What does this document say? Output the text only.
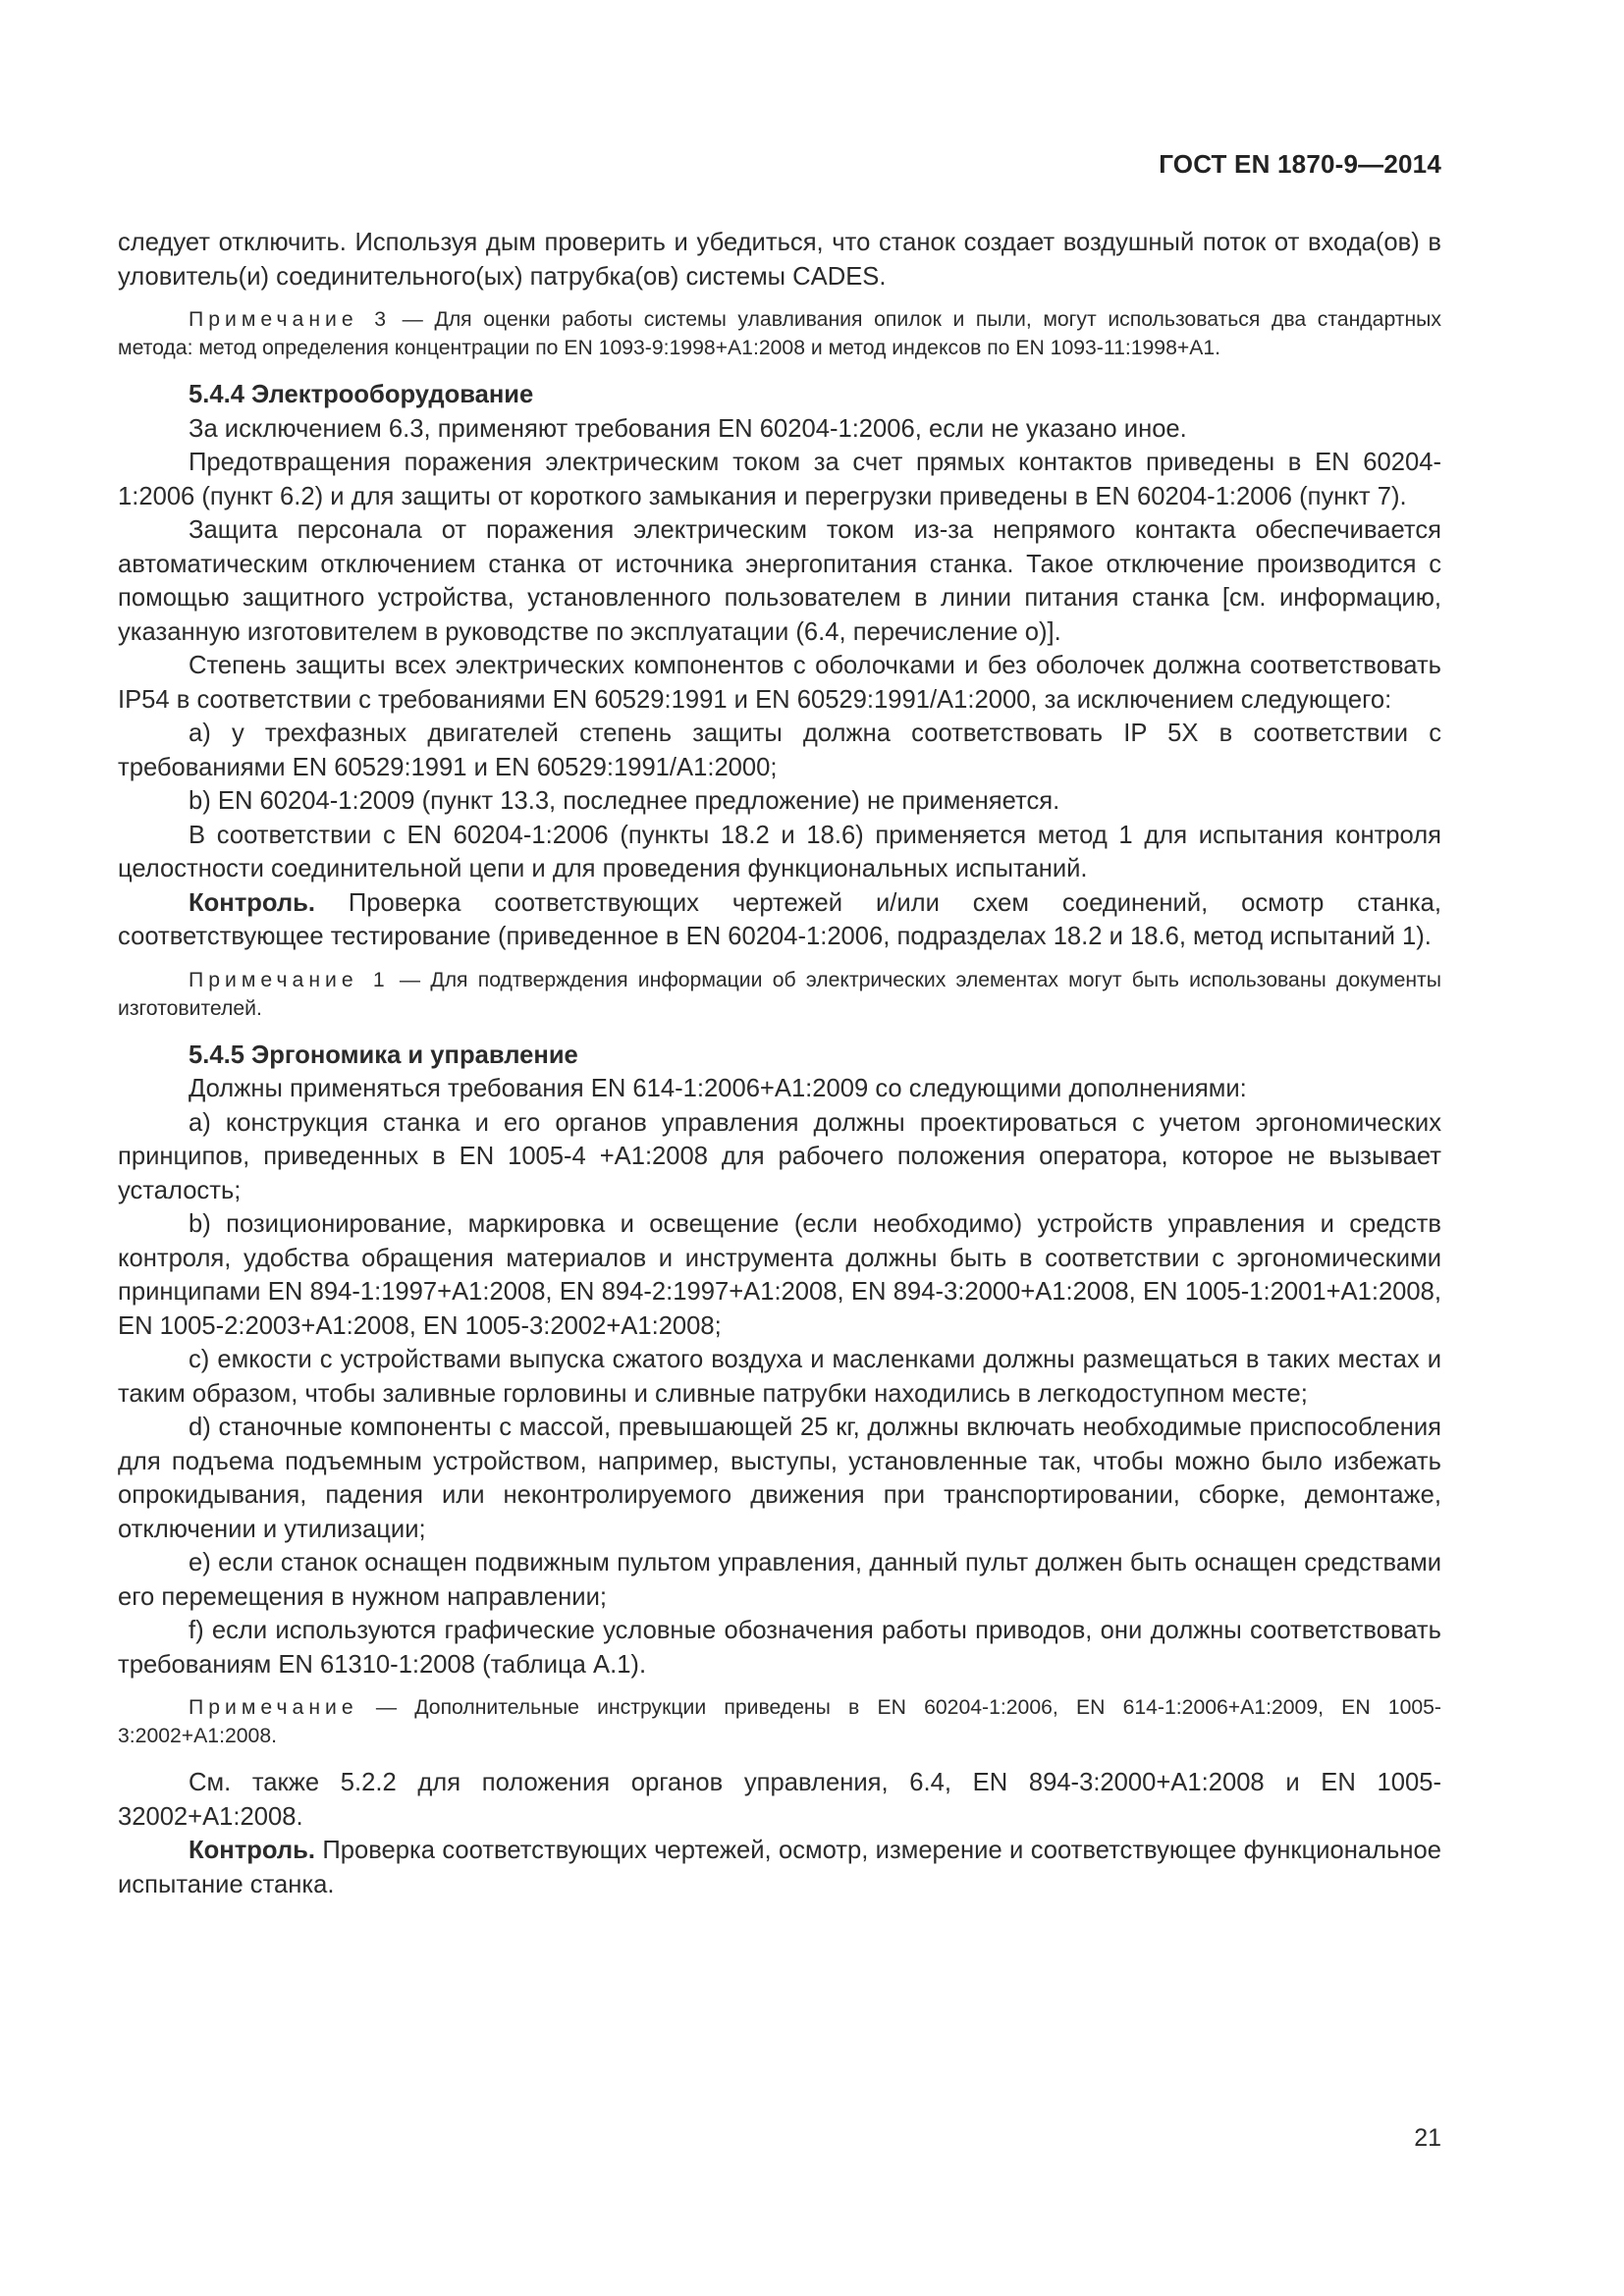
ГОСТ EN 1870-9—2014

следует отключить. Используя дым проверить и убедиться, что станок создает воздушный поток от входа(ов) в уловитель(и) соединительного(ых) патрубка(ов) системы CADES.

Примечание 3 — Для оценки работы системы улавливания опилок и пыли, могут использоваться два стандартных метода: метод определения концентрации по EN 1093-9:1998+A1:2008 и метод индексов по EN 1093-11:1998+A1.

5.4.4 Электрооборудование

За исключением 6.3, применяют требования EN 60204-1:2006, если не указано иное.

Предотвращения поражения электрическим током за счет прямых контактов приведены в EN 60204-1:2006 (пункт 6.2) и для защиты от короткого замыкания и перегрузки приведены в EN 60204-1:2006 (пункт 7).

Защита персонала от поражения электрическим током из-за непрямого контакта обеспечивается автоматическим отключением станка от источника энергопитания станка. Такое отключение производится с помощью защитного устройства, установленного пользователем в линии питания станка [см. информацию, указанную изготовителем в руководстве по эксплуатации (6.4, перечисление о)].

Степень защиты всех электрических компонентов с оболочками и без оболочек должна соответствовать IP54 в соответствии с требованиями EN 60529:1991 и EN 60529:1991/A1:2000, за исключением следующего:

a) у трехфазных двигателей степень защиты должна соответствовать IP 5X в соответствии с требованиями EN 60529:1991 и EN 60529:1991/A1:2000;

b) EN 60204-1:2009 (пункт 13.3, последнее предложение) не применяется.

В соответствии с EN 60204-1:2006 (пункты 18.2 и 18.6) применяется метод 1 для испытания контроля целостности соединительной цепи и для проведения функциональных испытаний.

Контроль. Проверка соответствующих чертежей и/или схем соединений, осмотр станка, соответствующее тестирование (приведенное в EN 60204-1:2006, подразделах 18.2 и 18.6, метод испытаний 1).

Примечание 1 — Для подтверждения информации об электрических элементах могут быть использованы документы изготовителей.

5.4.5 Эргономика и управление

Должны применяться требования EN 614-1:2006+A1:2009 со следующими дополнениями:

a) конструкция станка и его органов управления должны проектироваться с учетом эргономических принципов, приведенных в EN 1005-4 +A1:2008 для рабочего положения оператора, которое не вызывает усталость;

b) позиционирование, маркировка и освещение (если необходимо) устройств управления и средств контроля, удобства обращения материалов и инструмента должны быть в соответствии с эргономическими принципами EN 894-1:1997+A1:2008, EN 894-2:1997+A1:2008, EN 894-3:2000+A1:2008, EN 1005-1:2001+A1:2008, EN 1005-2:2003+A1:2008, EN 1005-3:2002+A1:2008;

c) емкости с устройствами выпуска сжатого воздуха и масленками должны размещаться в таких местах и таким образом, чтобы заливные горловины и сливные патрубки находились в легкодоступном месте;

d) станочные компоненты с массой, превышающей 25 кг, должны включать необходимые приспособления для подъема подъемным устройством, например, выступы, установленные так, чтобы можно было избежать опрокидывания, падения или неконтролируемого движения при транспортировании, сборке, демонтаже, отключении и утилизации;

e) если станок оснащен подвижным пультом управления, данный пульт должен быть оснащен средствами его перемещения в нужном направлении;

f) если используются графические условные обозначения работы приводов, они должны соответствовать требованиям EN 61310-1:2008 (таблица А.1).

Примечание — Дополнительные инструкции приведены в EN 60204-1:2006, EN 614-1:2006+A1:2009, EN 1005-3:2002+A1:2008.

См. также 5.2.2 для положения органов управления, 6.4, EN 894-3:2000+A1:2008 и EN 1005-32002+A1:2008.

Контроль. Проверка соответствующих чертежей, осмотр, измерение и соответствующее функциональное испытание станка.

21
